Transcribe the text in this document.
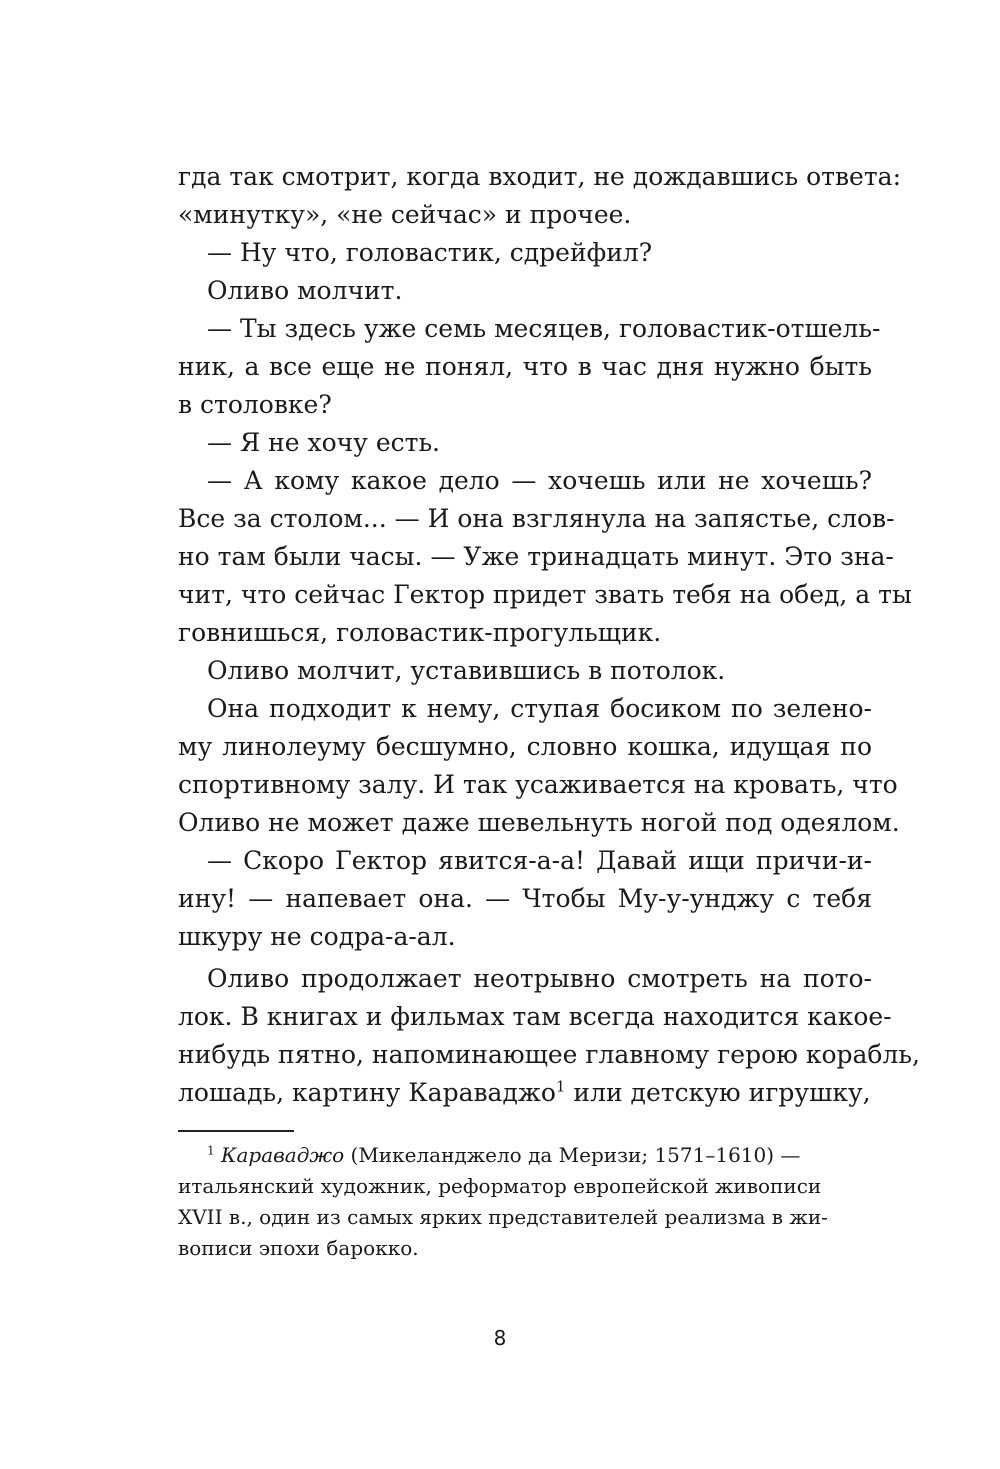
гда так смотрит, когда входит, не дождавшись ответа:
«минутку», «не сейчас» и прочее.
— Ну что, головастик, сдрейфил?
Оливо молчит.
— Ты здесь уже семь месяцев, головастик-отшель-
ник, а все еще не понял, что в час дня нужно быть
в столовке?
— Я не хочу есть.
— А кому какое дело — хочешь или не хочешь?
Все за столом... — И она взглянула на запястье, слов-
но там были часы. — Уже тринадцать минут. Это зна-
чит, что сейчас Гектор придет звать тебя на обед, а ты
говнишься, головастик-прогульщик.
Оливо молчит, уставившись в потолок.
Она подходит к нему, ступая босиком по зелено-
му линолеуму бесшумно, словно кошка, идущая по
спортивному залу. И так усаживается на кровать, что
Оливо не может даже шевельнуть ногой под одеялом.
— Скоро Гектор явится-а-а! Давай ищи причи-и-
ину! — напевает она. — Чтобы Му-у-унджу с тебя
шкуру не содра-а-ал.
Оливо продолжает неотрывно смотреть на пото-
лок. В книгах и фильмах там всегда находится какое-
нибудь пятно, напоминающее главному герою корабль,
лошадь, картину Караваджо$^1$ или детскую игрушку,
$^1$ Караваджо (Микеланджело да Меризи; 1571–1610) —
итальянский художник, реформатор европейской живописи
XVII в., один из самых ярких представителей реализма в жи-
вописи эпохи барокко.
8
